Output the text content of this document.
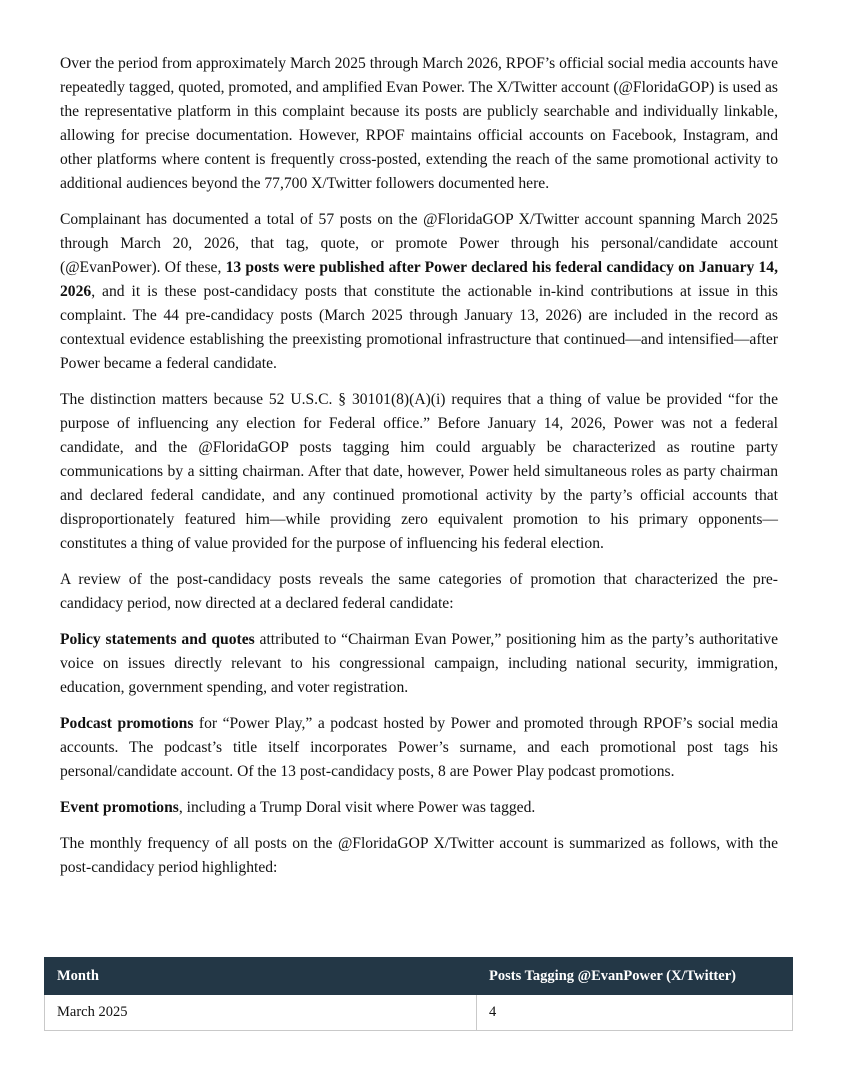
Over the period from approximately March 2025 through March 2026, RPOF’s official social media accounts have repeatedly tagged, quoted, promoted, and amplified Evan Power. The X/Twitter account (@FloridaGOP) is used as the representative platform in this complaint because its posts are publicly searchable and individually linkable, allowing for precise documentation. However, RPOF maintains official accounts on Facebook, Instagram, and other platforms where content is frequently cross-posted, extending the reach of the same promotional activity to additional audiences beyond the 77,700 X/Twitter followers documented here.

Complainant has documented a total of 57 posts on the @FloridaGOP X/Twitter account spanning March 2025 through March 20, 2026, that tag, quote, or promote Power through his personal/candidate account (@EvanPower). Of these, 13 posts were published after Power declared his federal candidacy on January 14, 2026, and it is these post-candidacy posts that constitute the actionable in-kind contributions at issue in this complaint. The 44 pre-candidacy posts (March 2025 through January 13, 2026) are included in the record as contextual evidence establishing the preexisting promotional infrastructure that continued—and intensified—after Power became a federal candidate.

The distinction matters because 52 U.S.C. § 30101(8)(A)(i) requires that a thing of value be provided “for the purpose of influencing any election for Federal office.” Before January 14, 2026, Power was not a federal candidate, and the @FloridaGOP posts tagging him could arguably be characterized as routine party communications by a sitting chairman. After that date, however, Power held simultaneous roles as party chairman and declared federal candidate, and any continued promotional activity by the party’s official accounts that disproportionately featured him—while providing zero equivalent promotion to his primary opponents—constitutes a thing of value provided for the purpose of influencing his federal election.

A review of the post-candidacy posts reveals the same categories of promotion that characterized the pre-candidacy period, now directed at a declared federal candidate:

Policy statements and quotes attributed to “Chairman Evan Power,” positioning him as the party’s authoritative voice on issues directly relevant to his congressional campaign, including national security, immigration, education, government spending, and voter registration.

Podcast promotions for “Power Play,” a podcast hosted by Power and promoted through RPOF’s social media accounts. The podcast’s title itself incorporates Power’s surname, and each promotional post tags his personal/candidate account. Of the 13 post-candidacy posts, 8 are Power Play podcast promotions.

Event promotions, including a Trump Doral visit where Power was tagged.

The monthly frequency of all posts on the @FloridaGOP X/Twitter account is summarized as follows, with the post-candidacy period highlighted:

Month	Posts Tagging @EvanPower (X/Twitter)
March 2025	4
